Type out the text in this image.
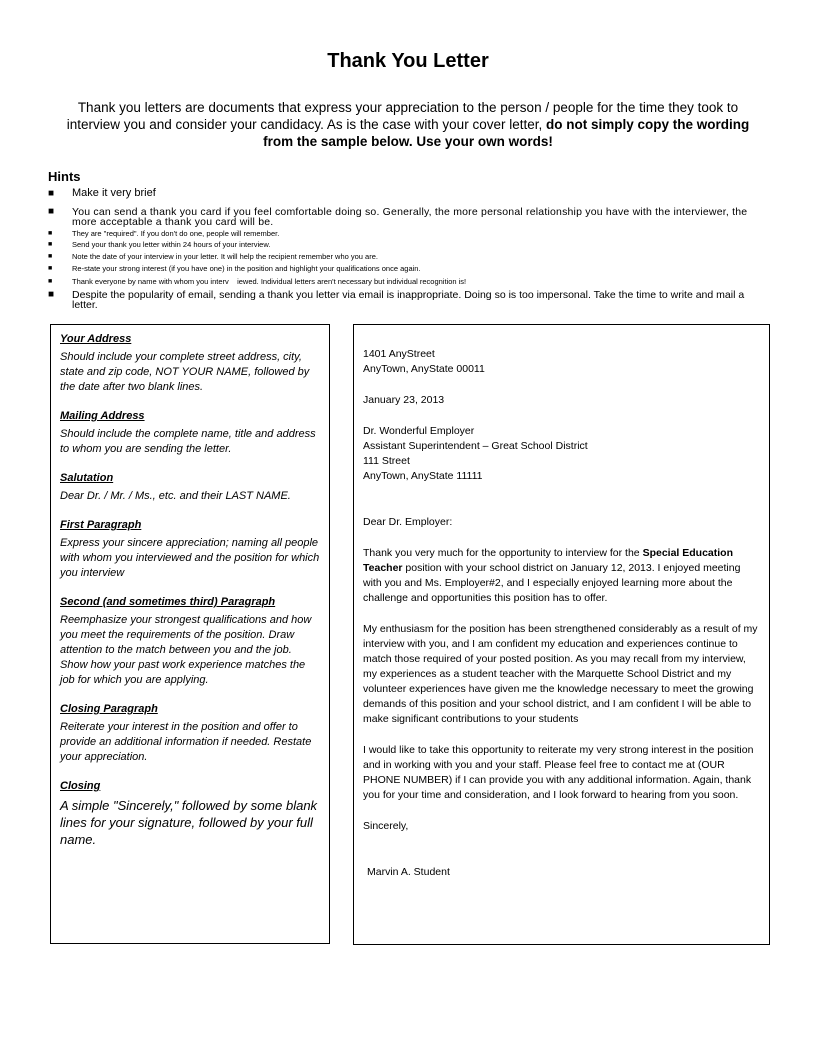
Thank You Letter
Thank you letters are documents that express your appreciation to the person / people for the time they took to interview you and consider your candidacy. As is the case with your cover letter, do not simply copy the wording from the sample below. Use your own words!
Hints
■	Make it very brief
■	You can send a thank you card if you feel comfortable doing so. Generally, the more personal relationship you have with the interviewer, the more acceptable a thank you card will be.
■	They are "required". If you don't do one, people will remember.
■	Send your thank you letter within 24 hours of your interview.
■	Note the date of your interview in your letter. It will help the recipient remember who you are.
■	Re-state your strong interest (if you have one) in the position and highlight your qualifications once again.
■	Thank everyone by name with whom you interv    iewed. Individual letters aren't necessary but individual recognition is!
■	Despite the popularity of email, sending a thank you letter via email is inappropriate. Doing so is too impersonal. Take the time to write and mail a letter.
Your Address
Should include your complete street address, city, state and zip code, NOT YOUR NAME, followed by the date after two blank lines.
Mailing Address
Should include the complete name, title and address to whom you are sending the letter.
Salutation
Dear Dr. / Mr. / Ms., etc. and their LAST NAME.
First Paragraph
Express your sincere appreciation; naming all people with whom you interviewed and the position for which you interview
Second (and sometimes third) Paragraph
Reemphasize your strongest qualifications and how you meet the requirements of the position. Draw attention to the match between you and the job. Show how your past work experience matches the job for which you are applying.
Closing Paragraph
Reiterate your interest in the position and offer to provide an additional information if needed. Restate your appreciation.
Closing
A simple "Sincerely," followed by some blank lines for your signature, followed by your full name.

1401 AnyStreet

AnyTown, AnyState 00011

January 23, 2013

Dr. Wonderful Employer

Assistant Superintendent – Great School District

111 Street

AnyTown, AnyState 11111

Dear Dr. Employer:

Thank you very much for the opportunity to interview for the Special Education Teacher position with your school district on January 12, 2013. I enjoyed meeting with you and Ms. Employer#2, and I especially enjoyed learning more about the challenge and opportunities this position has to offer.

My enthusiasm for the position has been strengthened considerably as a result of my interview with you, and I am confident my education and experiences continue to match those required of your posted position. As you may recall from my interview, my experiences as a student teacher with the Marquette School District and my volunteer experiences have given me the knowledge necessary to meet the growing demands of this position and your school district, and I am confident I will be able to make significant contributions to your students

I would like to take this opportunity to reiterate my very strong interest in the position and in working with you and your staff. Please feel free to contact me at (OUR PHONE NUMBER) if I can provide you with any additional information. Again, thank you for your time and consideration, and I look forward to hearing from you soon.

Sincerely,

Marvin A. Student
